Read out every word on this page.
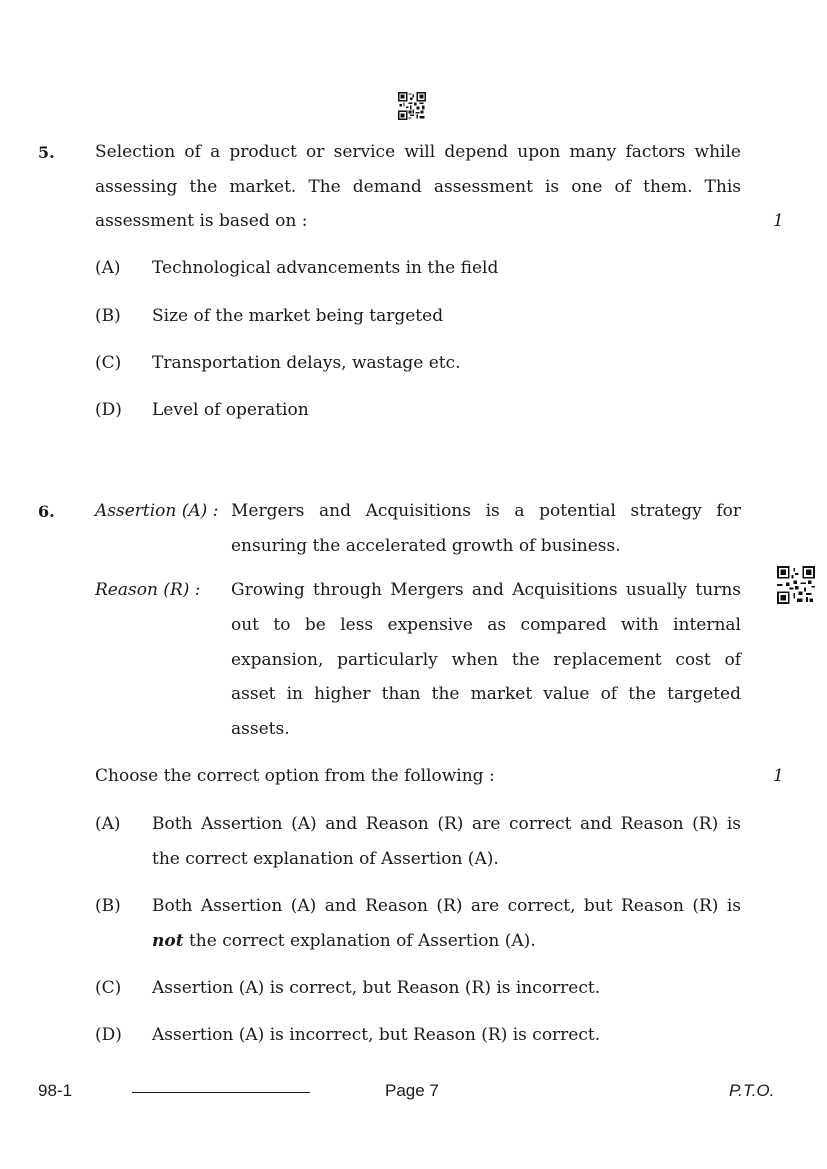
5. Selection of a product or service will depend upon many factors while
assessing the market. The demand assessment is one of them. This
assessment is based on :	1
(A) Technological advancements in the field
(B) Size of the market being targeted
(C) Transportation delays, wastage etc.
(D) Level of operation
6. Assertion (A) : Mergers and Acquisitions is a potential strategy for
ensuring the accelerated growth of business.
Reason (R) : Growing through Mergers and Acquisitions usually turns
out to be less expensive as compared with internal
expansion, particularly when the replacement cost of
asset in higher than the market value of the targeted
assets.
Choose the correct option from the following :	1
(A) Both Assertion (A) and Reason (R) are correct and Reason (R) is
the correct explanation of Assertion (A).
(B) Both Assertion (A) and Reason (R) are correct, but Reason (R) is
not the correct explanation of Assertion (A).
(C) Assertion (A) is correct, but Reason (R) is incorrect.
(D) Assertion (A) is incorrect, but Reason (R) is correct.
98-1	Page 7	P.T.O.
